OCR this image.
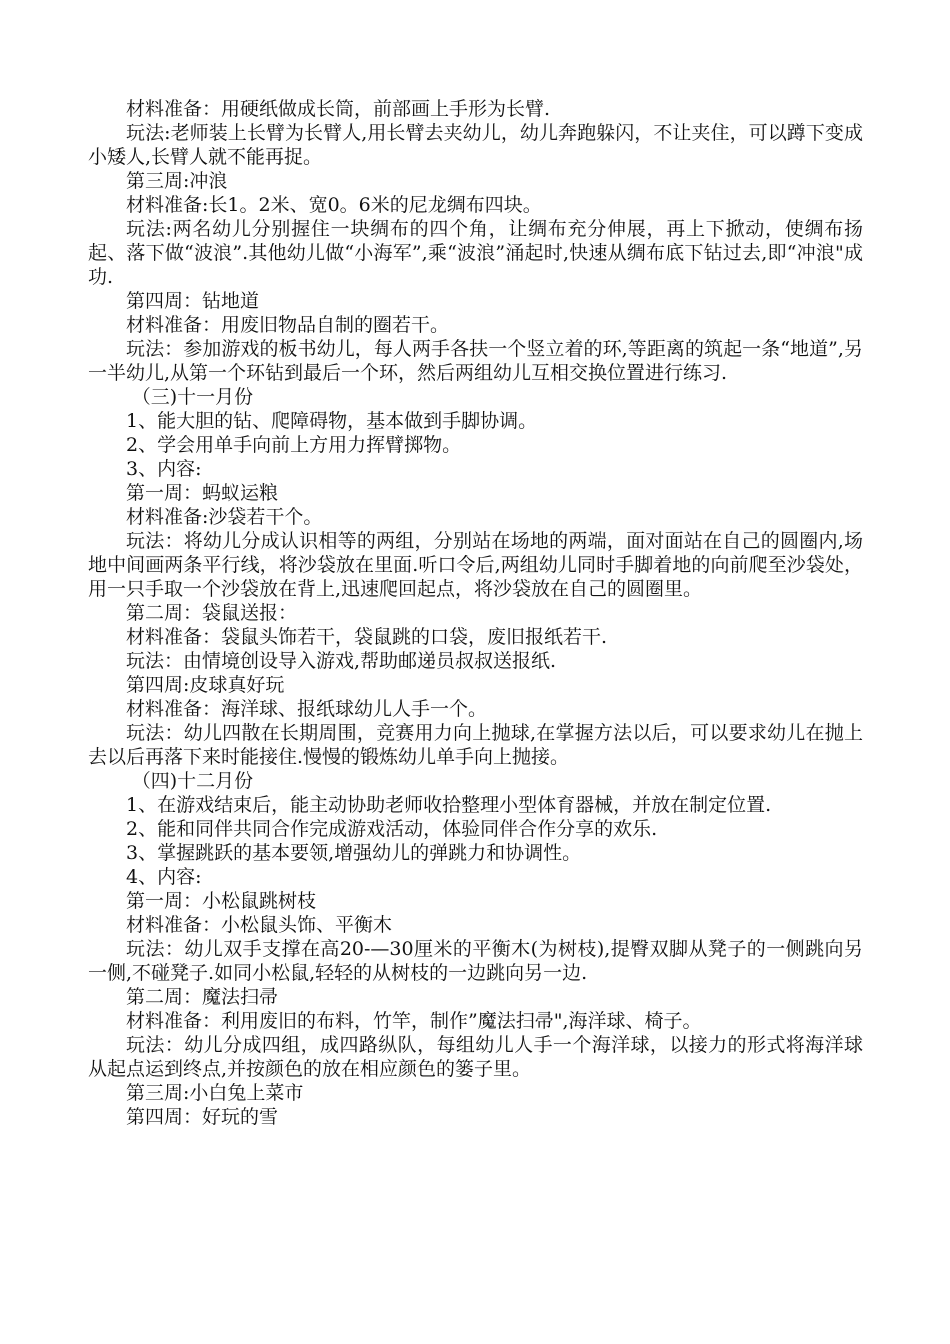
材料准备：用硬纸做成长筒，前部画上手形为长臂.

玩法:老师装上长臂为长臂人,用长臂去夹幼儿，幼儿奔跑躲闪，不让夹住，可以蹲下变成小矮人,长臂人就不能再捉。

第三周:冲浪

材料准备:长1。2米、宽0。6米的尼龙绸布四块。

玩法:两名幼儿分别握住一块绸布的四个角，让绸布充分伸展，再上下掀动，使绸布扬起、落下做“波浪”.其他幼儿做“小海军”,乘“波浪”涌起时,快速从绸布底下钻过去,即“冲浪"成功.

第四周：钻地道

材料准备：用废旧物品自制的圈若干。

玩法：参加游戏的板书幼儿，每人两手各扶一个竖立着的环,等距离的筑起一条“地道”,另一半幼儿,从第一个环钻到最后一个环，然后两组幼儿互相交换位置进行练习.

（三)十一月份

1、能大胆的钻、爬障碍物，基本做到手脚协调。

2、学会用单手向前上方用力挥臂掷物。

3、内容:

第一周：蚂蚁运粮

材料准备:沙袋若干个。

玩法：将幼儿分成认识相等的两组，分别站在场地的两端，面对面站在自己的圆圈内,场地中间画两条平行线，将沙袋放在里面.听口令后,两组幼儿同时手脚着地的向前爬至沙袋处，用一只手取一个沙袋放在背上,迅速爬回起点，将沙袋放在自己的圆圈里。

第二周：袋鼠送报：

材料准备：袋鼠头饰若干，袋鼠跳的口袋，废旧报纸若干.

玩法：由情境创设导入游戏,帮助邮递员叔叔送报纸.

第四周:皮球真好玩

材料准备：海洋球、报纸球幼儿人手一个。

玩法：幼儿四散在长期周围，竞赛用力向上抛球,在掌握方法以后，可以要求幼儿在抛上去以后再落下来时能接住.慢慢的锻炼幼儿单手向上抛接。

（四)十二月份

1、在游戏结束后，能主动协助老师收拾整理小型体育器械，并放在制定位置.

2、能和同伴共同合作完成游戏活动，体验同伴合作分享的欢乐.

3、掌握跳跃的基本要领,增强幼儿的弹跳力和协调性。

4、内容:

第一周：小松鼠跳树枝

材料准备：小松鼠头饰、平衡木

玩法：幼儿双手支撑在高20-—30厘米的平衡木(为树枝),提臀双脚从凳子的一侧跳向另一侧,不碰凳子.如同小松鼠,轻轻的从树枝的一边跳向另一边.

第二周：魔法扫帚

材料准备：利用废旧的布料，竹竿，制作”魔法扫帚",海洋球、椅子。

玩法：幼儿分成四组，成四路纵队，每组幼儿人手一个海洋球，以接力的形式将海洋球从起点运到终点,并按颜色的放在相应颜色的篓子里。

第三周:小白兔上菜市

第四周：好玩的雪
